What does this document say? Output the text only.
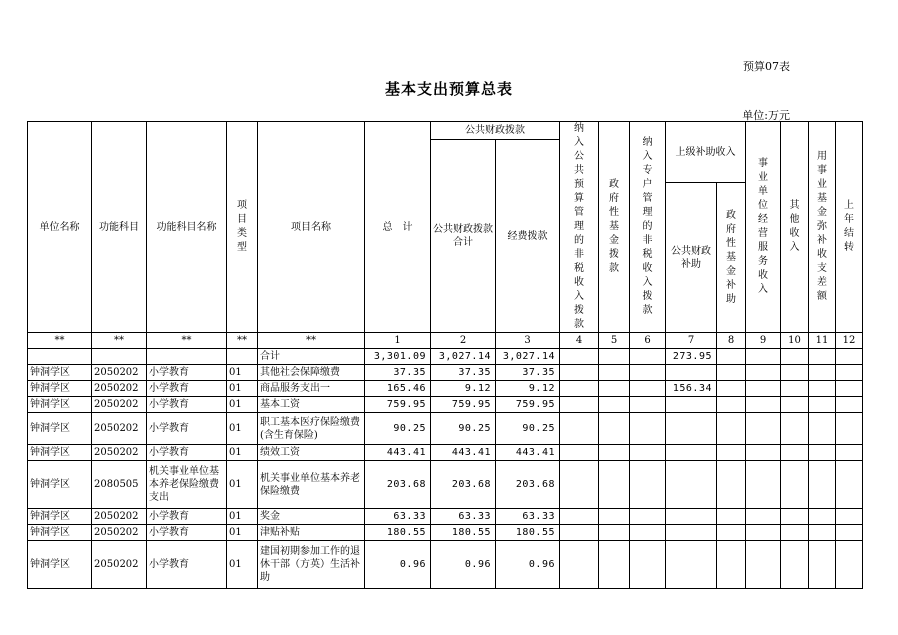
预算07表
基本支出预算总表
单位:万元
单位名称	功能科目	功能科目名称	项目类型	项目名称	总　计	公共财政拨款		纳入公共预算管理的非税收入拨款	政府性基金拨款	纳入专户管理的非税收入拨款	上级补助收入		事业单位经营服务收入	其他收入	用事业基金弥补收支差额	上年结转

						公共财政拨款合计	经费拨款									
											公共财政补助	政府性基金补助				

**	**	**	**	**	1	2	3	4	5	6	7	8	9	10	11	12
				合计	3,301.09	3,027.14	3,027.14				273.95					
钟洞学区	2050202	小学教育	01	其他社会保障缴费	37.35	37.35	37.35									
钟洞学区	2050202	小学教育	01	商品服务支出一	165.46	9.12	9.12				156.34					
钟洞学区	2050202	小学教育	01	基本工资	759.95	759.95	759.95									
钟洞学区	2050202	小学教育	01	职工基本医疗保险缴费(含生育保险)	90.25	90.25	90.25									
钟洞学区	2050202	小学教育	01	绩效工资	443.41	443.41	443.41									
钟洞学区	2080505	机关事业单位基本养老保险缴费支出	01	机关事业单位基本养老保险缴费	203.68	203.68	203.68									
钟洞学区	2050202	小学教育	01	奖金	63.33	63.33	63.33									
钟洞学区	2050202	小学教育	01	津贴补贴	180.55	180.55	180.55									
钟洞学区	2050202	小学教育	01	建国初期参加工作的退休干部（方英）生活补助	0.96	0.96	0.96									
